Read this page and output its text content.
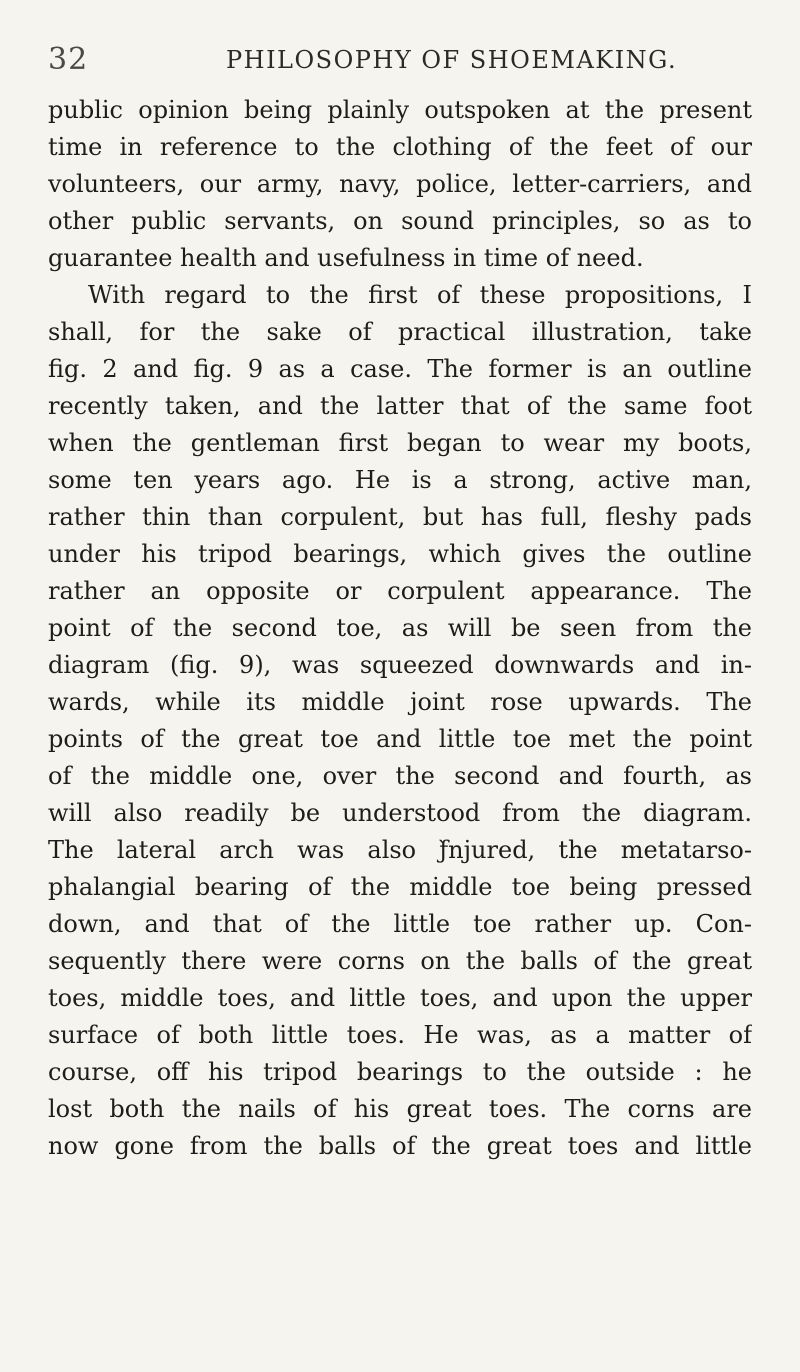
32	PHILOSOPHY OF SHOEMAKING.
public opinion being plainly outspoken at the present
time in reference to the clothing of the feet of our
volunteers, our army, navy, police, letter-carriers, and
other public servants, on sound principles, so as to
guarantee health and usefulness in time of need.
With regard to the first of these propositions, I
shall, for the sake of practical illustration, take
fig. 2 and fig. 9 as a case. The former is an outline
recently taken, and the latter that of the same foot
when the gentleman first began to wear my boots,
some ten years ago. He is a strong, active man,
rather thin than corpulent, but has full, fleshy pads
under his tripod bearings, which gives the outline
rather an opposite or corpulent appearance. The
point of the second toe, as will be seen from the
diagram (fig. 9), was squeezed downwards and in-
wards, while its middle joint rose upwards. The
points of the great toe and little toe met the point
of the middle one, over the second and fourth, as
will also readily be understood from the diagram.
The lateral arch was also ƒ̀njured, the metatarso-
phalangial bearing of the middle toe being pressed
down, and that of the little toe rather up. Con-
sequently there were corns on the balls of the great
toes, middle toes, and little toes, and upon the upper
surface of both little toes. He was, as a matter of
course, off his tripod bearings to the outside : he
lost both the nails of his great toes. The corns are
now gone from the balls of the great toes and little
